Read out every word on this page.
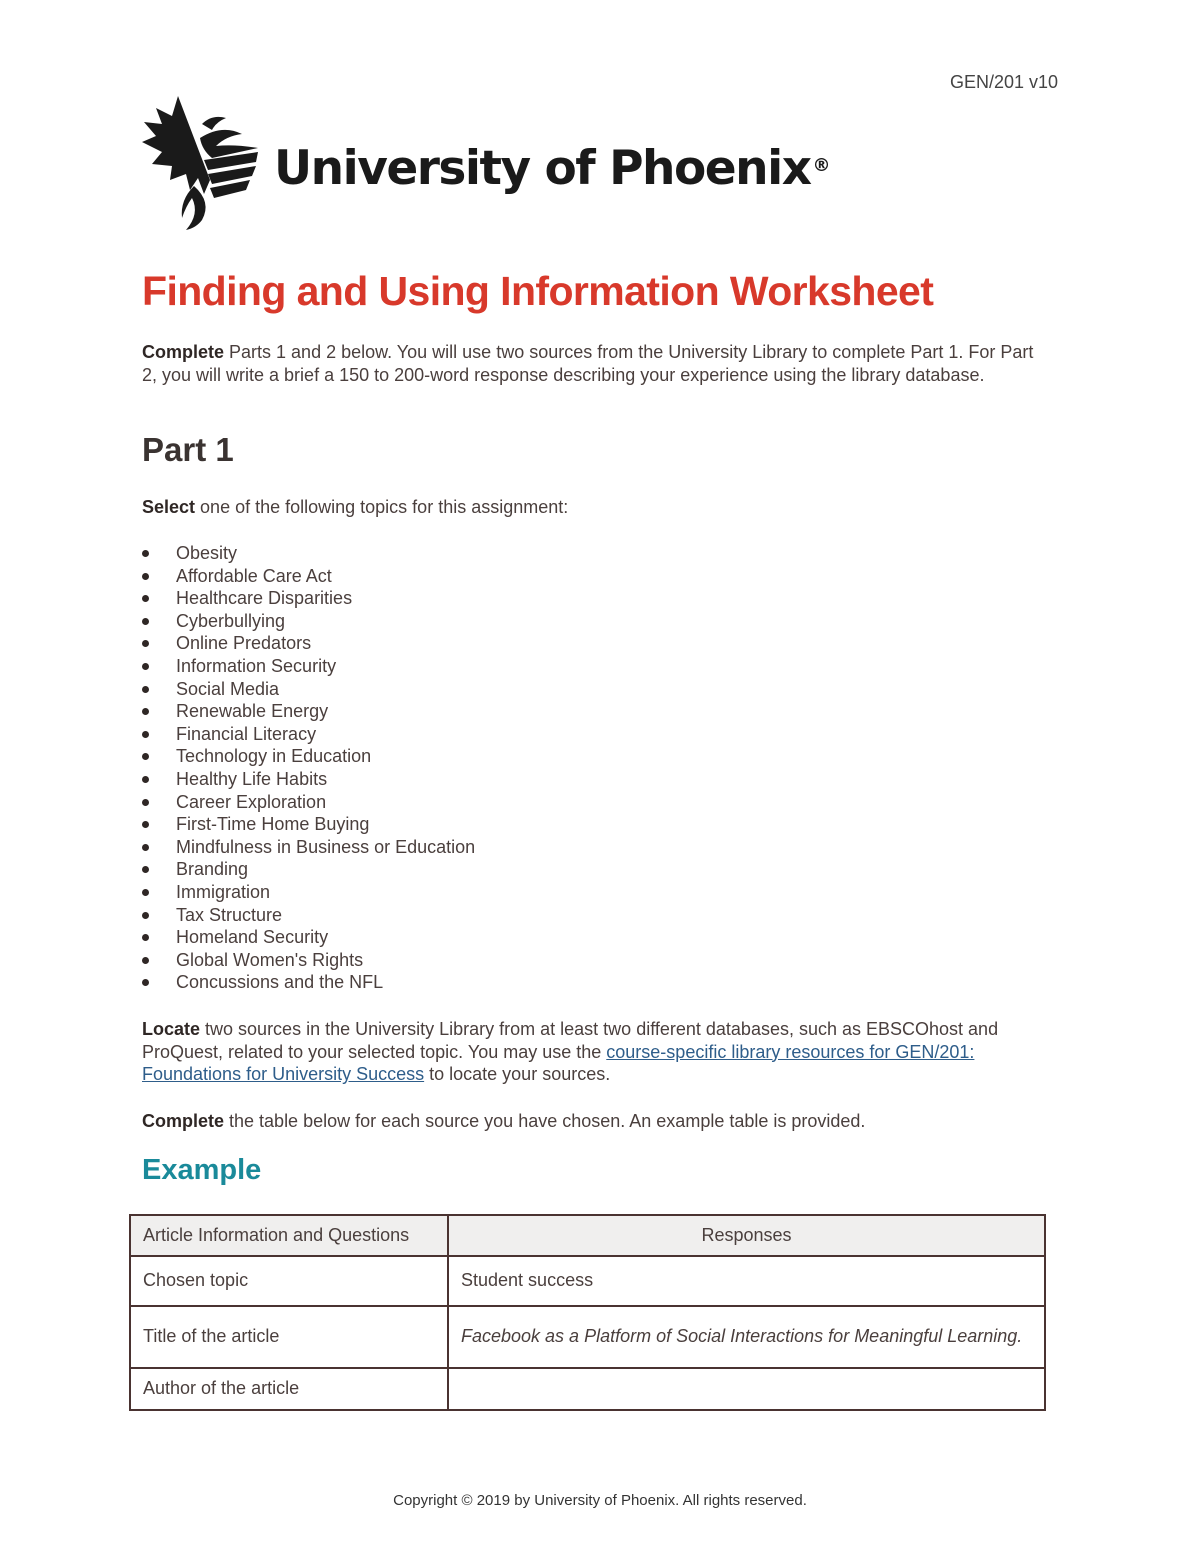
GEN/201 v10
University of Phoenix ®
Finding and Using Information Worksheet

Complete Parts 1 and 2 below. You will use two sources from the University Library to complete Part 1. For Part 2, you will write a brief a 150 to 200-word response describing your experience using the library database.

Part 1

Select one of the following topics for this assignment:

Obesity
Affordable Care Act
Healthcare Disparities
Cyberbullying
Online Predators
Information Security
Social Media
Renewable Energy
Financial Literacy
Technology in Education
Healthy Life Habits
Career Exploration
First-Time Home Buying
Mindfulness in Business or Education
Branding
Immigration
Tax Structure
Homeland Security
Global Women's Rights
Concussions and the NFL

Locate two sources in the University Library from at least two different databases, such as EBSCOhost and ProQuest, related to your selected topic. You may use the course-specific library resources for GEN/201: Foundations for University Success to locate your sources.

Complete the table below for each source you have chosen. An example table is provided.

Example
Article Information and Questions	Responses
Chosen topic	Student success
Title of the article	Facebook as a Platform of Social Interactions for Meaningful Learning.
Author of the article	
Copyright © 2019 by University of Phoenix. All rights reserved.
